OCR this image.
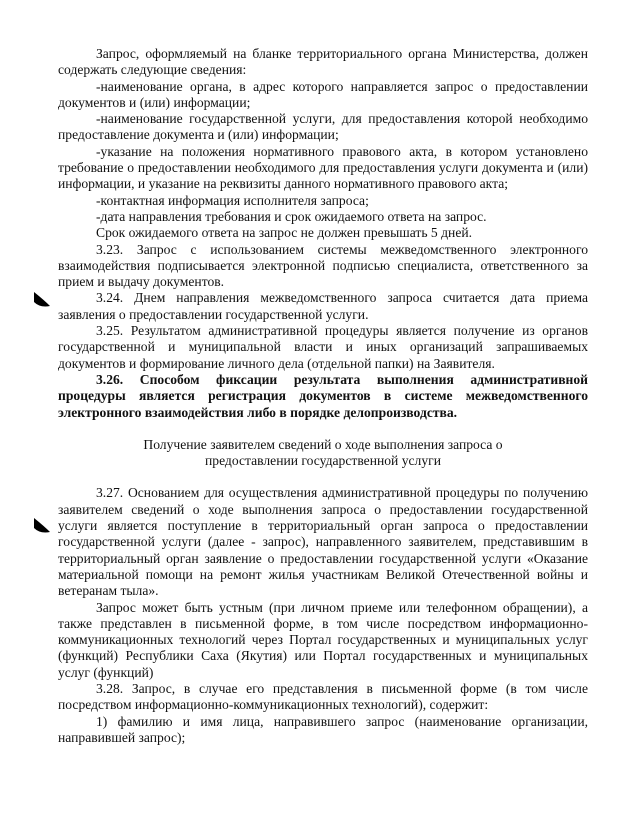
Запрос, оформляемый на бланке территориального органа Министерства, должен содержать следующие сведения:

-наименование органа, в адрес которого направляется запрос о предоставлении документов и (или) информации;

-наименование государственной услуги, для предоставления которой необходимо предоставление документа и (или) информации;

-указание на положения нормативного правового акта, в котором установлено требование о предоставлении необходимого для предоставления услуги документа и (или) информации, и указание на реквизиты данного нормативного правового акта;

-контактная информация исполнителя запроса;

-дата направления требования и срок ожидаемого ответа на запрос.

Срок ожидаемого ответа на запрос не должен превышать 5 дней.

3.23. Запрос с использованием системы межведомственного электронного взаимодействия подписывается электронной подписью специалиста, ответственного за прием и выдачу документов.

3.24. Днем направления межведомственного запроса считается дата приема заявления о предоставлении государственной услуги.

3.25. Результатом административной процедуры является получение из органов государственной и муниципальной власти и иных организаций запрашиваемых документов и формирование личного дела (отдельной папки) на Заявителя.

3.26. Способом фиксации результата выполнения административной процедуры является регистрация документов в системе межведомственного электронного взаимодействия либо в порядке делопроизводства.

Получение заявителем сведений о ходе выполнения запроса о предоставлении государственной услуги

3.27. Основанием для осуществления административной процедуры по получению заявителем сведений о ходе выполнения запроса о предоставлении государственной услуги является поступление в территориальный орган запроса о предоставлении государственной услуги (далее - запрос), направленного заявителем, представившим в территориальный орган заявление о предоставлении государственной услуги «Оказание материальной помощи на ремонт жилья участникам Великой Отечественной войны и ветеранам тыла».

Запрос может быть устным (при личном приеме или телефонном обращении), а также представлен в письменной форме, в том числе посредством информационно-коммуникационных технологий через Портал государственных и муниципальных услуг (функций) Республики Саха (Якутия) или Портал государственных и муниципальных услуг (функций)

3.28. Запрос, в случае его представления в письменной форме (в том числе посредством информационно-коммуникационных технологий), содержит:

1) фамилию и имя лица, направившего запрос (наименование организации, направившей запрос);
